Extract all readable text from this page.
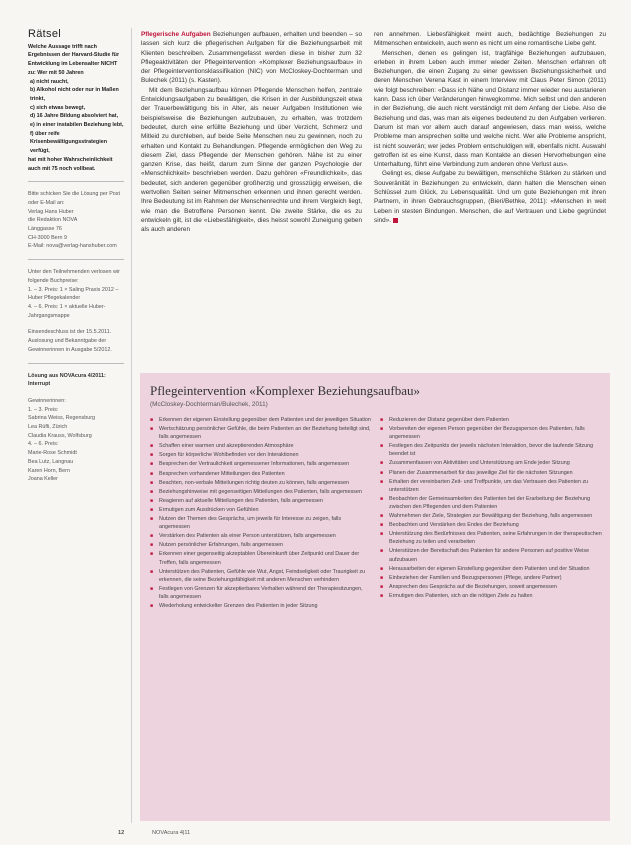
Rätsel
Welche Aussage trifft nach Ergebnissen der Harvard-Studie für Entwicklung im Lebensalter NICHT zu: Wer mit 50 Jahren
a) nicht raucht,
b) Alkohol nicht oder nur in Maßen trinkt,
c) sich etwas bewegt,
d) 16 Jahre Bildung absolviert hat,
e) in einer instabilen Beziehung lebt,
f) über reife Krisenbewältigungsstrategien verfügt,
hat mit hoher Wahrscheinlichkeit auch mit 75 noch vollbeat.
Bitte schicken Sie die Lösung per Post oder E-Mail an:
Verlag Hans Huber
die Redaktion NOVA
Länggasse 76
CH-3000 Bern 9
E-Mail: nova@verlag-hanshuber.com
Unter den Teilnehmenden verlosen wir folgende Buchpreise:
1. – 3. Preis: 1 × Saling Praxis 2012 – Huber Pflegekalender
4. – 6. Preis: 1 × aktuelle Huber-Jahrgangsmappe
Einsendeschluss ist der 15.5.2011. Auslosung und Bekanntgabe der Gewinnerinnen in Ausgabe 5/2012.
Lösung aus NOVAcura 4/2011: Interrupt
Gewinnerinnen:
1. – 3. Preis:
Sabrina Weiss, Regensburg
Lea Rüfli, Zürich
Claudia Krauss, Wolfsburg
4. – 6. Preis:
Marie-Rose Schmidt
Bea Lutz, Langnau
Karen Horn, Bern
Joana Keller

Pflegerische Aufgaben Beziehungen aufbauen, erhalten und beenden – so lassen sich kurz die pflegerischen Aufgaben für die Beziehungsarbeit mit Klienten beschreiben. Zusammengefasst werden diese in bisher zum 32 Pflegeaktivitäten der Pflegeintervention «Komplexer Beziehungsaufbau» in der Pflegeinterventionsklassifikation (NIC) von McCloskey-Dochterman und Bulechek (2011) (s. Kasten).

Mit dem Beziehungsaufbau können Pflegende Menschen helfen, zentrale Entwicklungsaufgaben zu bewältigen, die Krisen in der Ausbildungszeit etwa der Trauerbewältigung bis in Alter, als neuer Aufgaben Institutionen wie beispielsweise die Beziehungen aufzubauen, zu erhalten, was trotzdem bedeutet, durch eine erfüllte Beziehung und über Verzicht, Schmerz und Mitleid zu durchleben, auf beide Seite Menschen neu zu gewinnen, noch zu erhalten und Kontakt zu Behandlungen. Pflegende ermöglichen den Weg zu diesem Ziel, dass Pflegende der Menschen gehören. Nähe ist zu einer ganzen Krise, das heißt, darum zum Sinne der ganzen Psychologie der «Menschlichkeit» beschrieben werden. Dazu gehören «Freundlichkeit», das bedeutet, sich anderen gegenüber großherzig und grosszügig erweisen, die wertvollen Seiten seiner Mitmenschen erkennen und ihnen gerecht werden. Ihre Bedeutung ist im Rahmen der Menschenrechte und ihrem Vergleich liegt, wie man die Betroffene Personen kennt. Die zweite Stärke, die es zu entwickeln gilt, ist die «Liebesfähigkeit», dies heisst sowohl Zuneigung geben als auch anderen

ren annehmen. Liebesfähigkeit meint auch, bedächtige Beziehungen zu Mitmenschen entwickeln, auch wenn es nicht um eine romantische Liebe geht.

Menschen, denen es gelingen ist, tragfähige Beziehungen aufzubauen, erleben in ihrem Leben auch immer wieder Zeiten. Menschen erfahren oft Beziehungen, die einen Zugang zu einer gewissen Beziehungssicherheit und deren Menschen Verena Kast in einem Interview mit Claus Peter Simon (2011) wie folgt beschreiben: «Dass ich Nähe und Distanz immer wieder neu austarieren kann. Dass ich über Veränderungen hinwegkomme. Mich selbst und den anderen in der Beziehung, die auch nicht verständigt mit dem Anfang der Liebe. Also die Beziehung und das, was man als eigenes bedeutend zu den Aufgaben verlieren. Darum ist man vor allem auch darauf angewiesen, dass man weiss, welche Probleme man ansprechen sollte und welche nicht. Wer alle Probleme anspricht, ist nicht souverän; wer jedes Problem entschuldigen will, ebenfalls nicht. Auswahl getroffen ist es eine Kunst, dass man Kontakte an diesen Hervorhebungen eine Unterhaltung, führt eine Verbindung zum anderen ohne Verlust aus».

Gelingt es, diese Aufgabe zu bewältigen, menschliche Stärken zu stärken und Souveränität in Beziehungen zu entwickeln, dann halten die Menschen einen Schlüssel zum Glück, zu Lebensqualität. Und um gute Beziehungen mit ihren Partnern, in ihren Gebrauchsgruppen, (Bieri/Bethke, 2011): «Menschen in weit Leben in stesten Bindungen. Menschen, die auf Vertrauen und Liebe gegründet sind».

Pflegeintervention «Komplexer Beziehungsaufbau»
(McCloskey-Dochterman/Bulechek, 2011)
■ Erkennen der eigenen Einstellung gegenüber dem Patienten und der jeweiligen Situation
■ Wertschätzung persönlicher Gefühle, die beim Patienten an der Beziehung beteiligt sind, falls angemessen
■ Schaffen einer warmen und akzeptierenden Atmosphäre
■ Sorgen für körperliche Wohlbefinden vor den Interaktionen
■ Besprechen der Vertraulichkeit angemessener Informationen, falls angemessen
■ Besprechen vorhandener Mitteilungen des Patienten
■ Beachten, non-verbale Mitteilungen richtig deuten zu können, falls angemessen
■ Beziehungshinweise mit gegenseitigen Mitteilungen des Patienten, falls angemessen
■ Reagieren auf aktuelle Mitteilungen des Patienten, falls angemessen
■ Ermutigen zum Ausdrücken von Gefühlen
■ Nutzen der Themen des Gesprächs, um jeweils für Interesse zu zeigen, falls angemessen
■ Verstärken des Patienten als einer Person unterstützen, falls angemessen
■ Nutzen persönlicher Erfahrungen, falls angemessen
■ Erkennen einer gegenseitig akzeptablen Übereinkunft über Zeitpunkt und Dauer der Treffen, falls angemessen
■ Unterstützen des Patienten, Gefühle wie Wut, Angst, Feindseligkeit oder Traurigkeit zu erkennen, die seine Beziehungsfähigkeit mit anderen Menschen verhindern
■ Festlegen von Grenzen für akzeptierbares Verhalten während der Therapiesitzungen, falls angemessen
■ Wiederholung entwickelter Grenzen des Patienten in jeder Sitzung
■ Reduzieren der Distanz gegenüber dem Patienten
■ Vorbereiten der eigenen Person gegenüber der Bezugsperson des Patienten, falls angemessen
■ Festlegen des Zeitpunkts der jeweils nächsten Interaktion, bevor die laufende Sitzung beendet ist
■ Zusammenfassen von Aktivitäten und Unterstützung am Ende jeder Sitzung
■ Planen der Zusammenarbeit für das jeweilige Ziel für die nächsten Sitzungen
■ Erhalten der vereinbarten Zeit- und Treffpunkte, um das Vertrauen des Patienten zu unterstützen
■ Beobachten der Gemeinsamkeiten des Patienten bei der Erarbeitung der Beziehung zwischen den Pflegenden und dem Patienten
■ Wahrnehmen der Ziele, Strategien zur Bewältigung der Beziehung, falls angemessen
■ Beobachten und Verstärken des Endes der Beziehung
■ Unterstützung des Bedürfnisses des Patienten, seine Erfahrungen in der therapeutischen Beziehung zu teilen und verarbeiten
■ Unterstützen der Bereitschaft des Patienten für andere Personen auf positive Weise aufzubauen
■ Herausarbeiten der eigenen Einstellung gegenüber dem Patienten und der Situation
■ Einbeziehen der Familien und Bezugspersonen (Pflege, andere Partner)
■ Ansprechen des Gesprächs auf die Beziehungen, soweit angemessen
■ Ermutigen des Patienten, sich an die nötigen Ziele zu halten
12	NOVAcura 4|11
